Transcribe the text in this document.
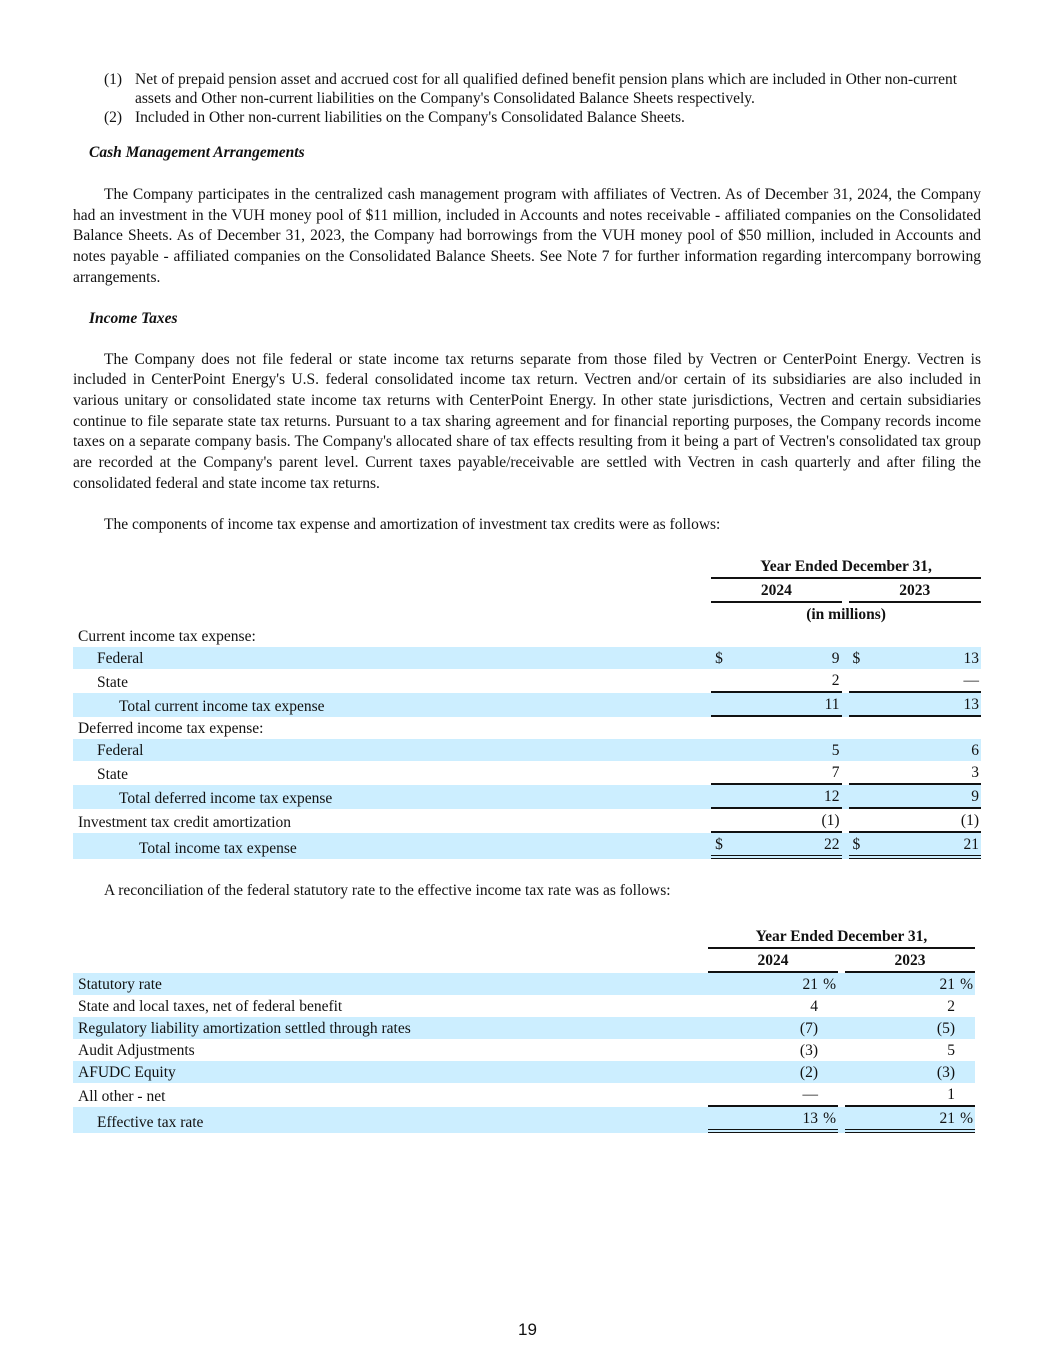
(1) Net of prepaid pension asset and accrued cost for all qualified defined benefit pension plans which are included in Other non-current assets and Other non-current liabilities on the Company's Consolidated Balance Sheets respectively.
(2) Included in Other non-current liabilities on the Company's Consolidated Balance Sheets.

Cash Management Arrangements

The Company participates in the centralized cash management program with affiliates of Vectren. As of December 31, 2024, the Company had an investment in the VUH money pool of $11 million, included in Accounts and notes receivable - affiliated companies on the Consolidated Balance Sheets. As of December 31, 2023, the Company had borrowings from the VUH money pool of $50 million, included in Accounts and notes payable - affiliated companies on the Consolidated Balance Sheets. See Note 7 for further information regarding intercompany borrowing arrangements.

Income Taxes

The Company does not file federal or state income tax returns separate from those filed by Vectren or CenterPoint Energy. Vectren is included in CenterPoint Energy's U.S. federal consolidated income tax return. Vectren and/or certain of its subsidiaries are also included in various unitary or consolidated state income tax returns with CenterPoint Energy. In other state jurisdictions, Vectren and certain subsidiaries continue to file separate state tax returns. Pursuant to a tax sharing agreement and for financial reporting purposes, the Company records income taxes on a separate company basis. The Company's allocated share of tax effects resulting from it being a part of Vectren's consolidated tax group are recorded at the Company's parent level. Current taxes payable/receivable are settled with Vectren in cash quarterly and after filing the consolidated federal and state income tax returns.

The components of income tax expense and amortization of investment tax credits were as follows:

	Year Ended December 31,				
	2024			2023	
	(in millions)				
Current income tax expense:					
Federal	$	9		$	13
State		2			—
Total current income tax expense		11			13
Deferred income tax expense:					
Federal		5			6
State		7			3
Total deferred income tax expense		12			9
Investment tax credit amortization		(1)			(1)
Total income tax expense	$	22		$	21

A reconciliation of the federal statutory rate to the effective income tax rate was as follows:

	Year Ended December 31,		
	2024		2023
Statutory rate	21 %		21 %
State and local taxes, net of federal benefit	4		2
Regulatory liability amortization settled through rates	(7)		(5)
Audit Adjustments	(3)		5
AFUDC Equity	(2)		(3)
All other - net	—		1
Effective tax rate	13 %		21 %
19
